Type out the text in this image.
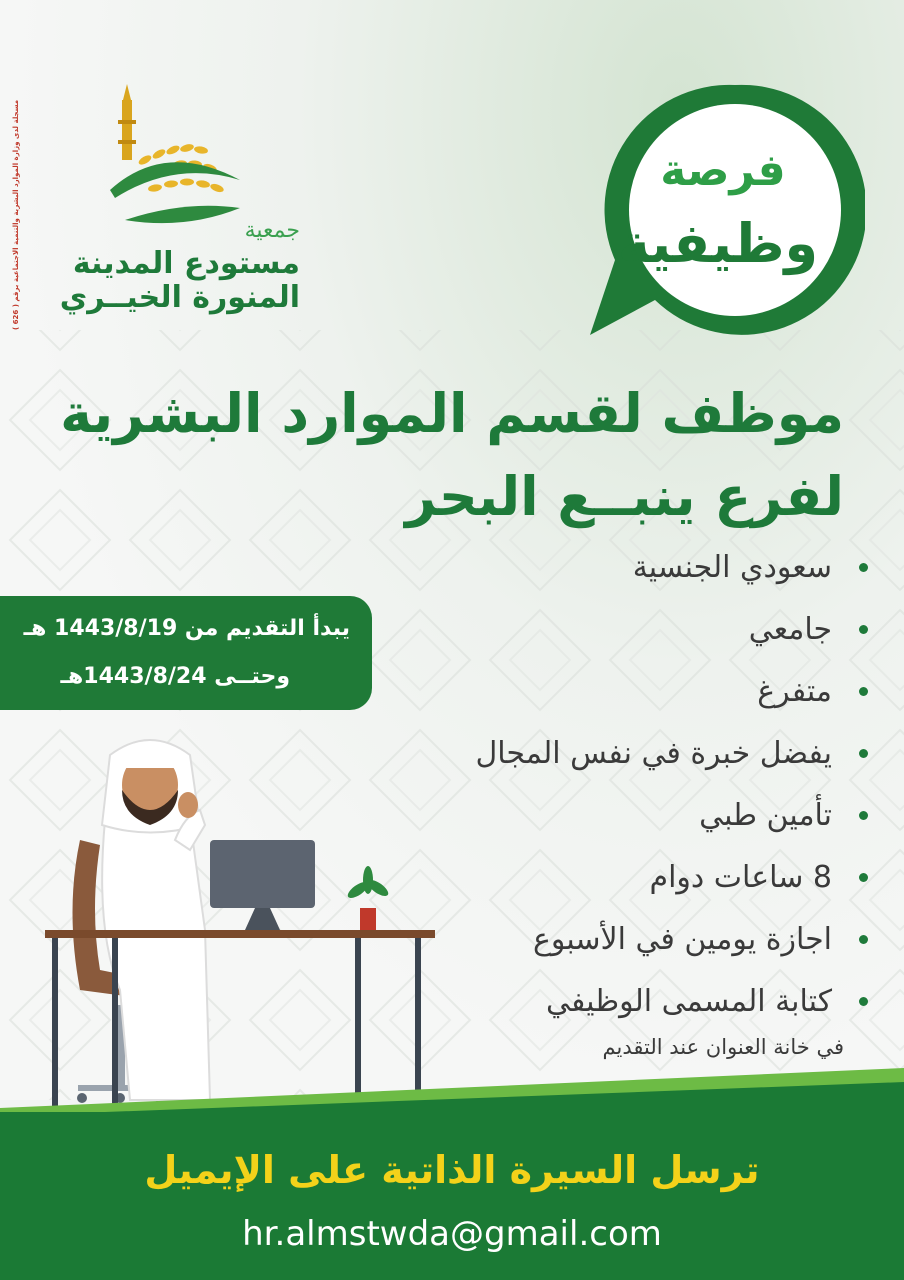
مسجلة لدى وزارة الموارد البشرية والتنمية الاجتماعية برقم ( 626 )	جمعية
مستودع المدينة
المنورة الخيــري
فرصة
وظيفية
موظف لقسم الموارد البشرية
لفرع ينبــع البحر
سعودي الجنسية
جامعي
متفرغ
يفضل خبرة في نفس المجال
تأمين طبي
8 ساعات دوام
اجازة يومين في الأسبوع
كتابة المسمى الوظيفي
في خانة العنوان عند التقديم
يبدأ التقديم من 1443/8/19 هـ
وحتــى 1443/8/24هـ
ترسل السيرة الذاتية على الإيميل
hr.almstwda@gmail.com
